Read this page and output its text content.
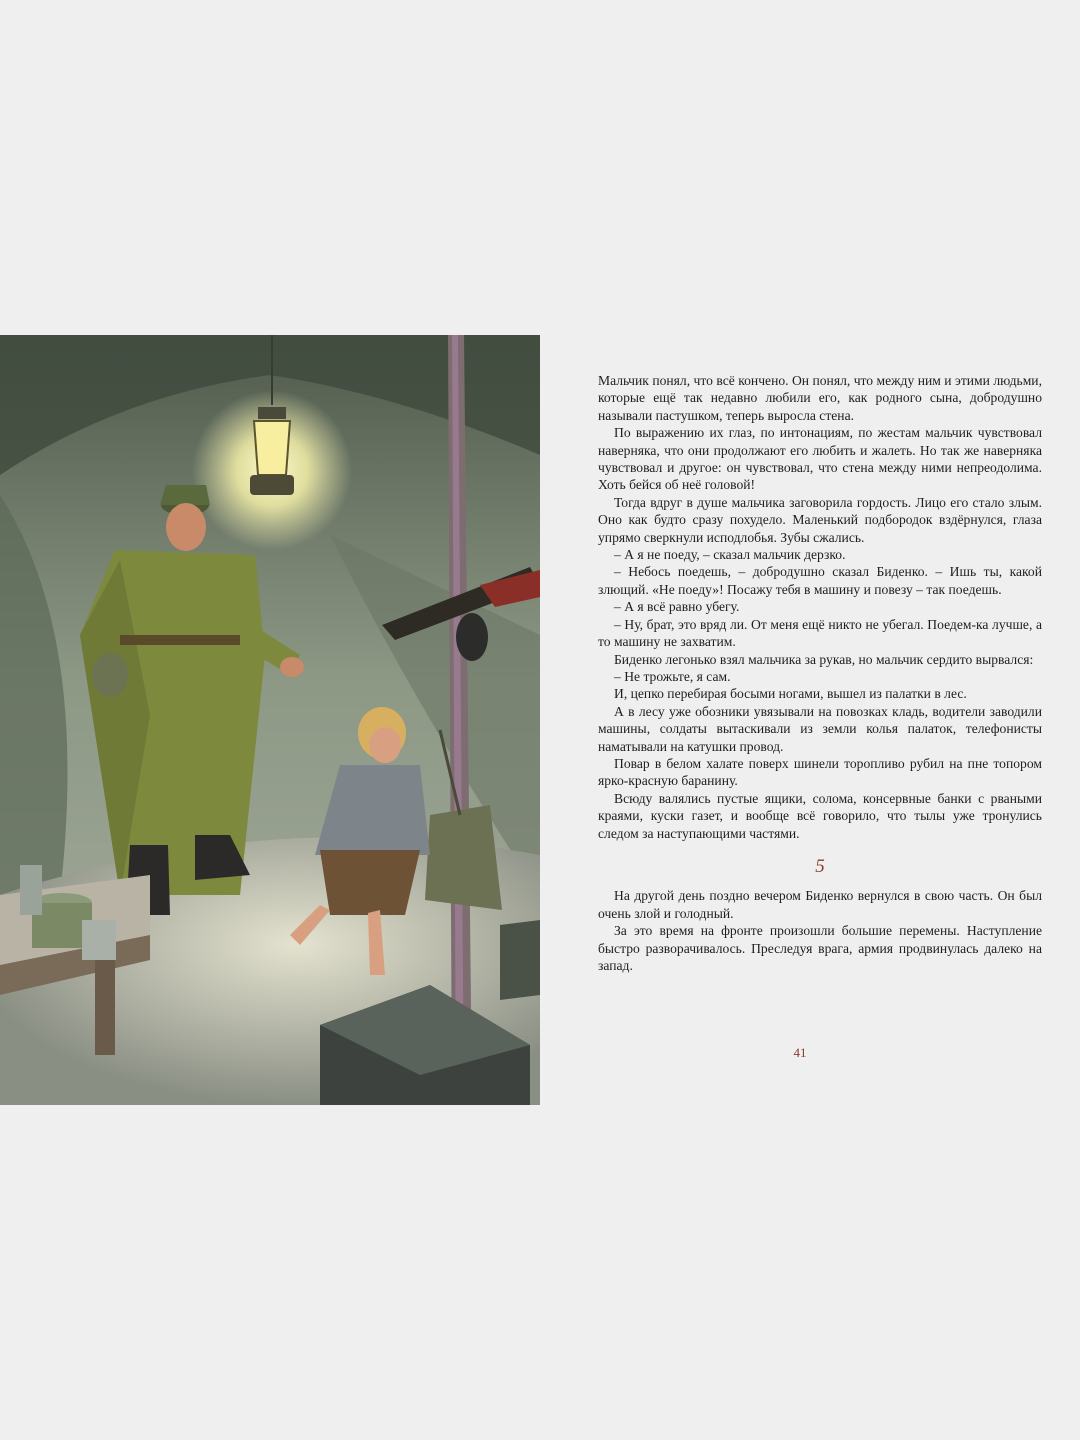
Мальчик понял, что всё кончено. Он понял, что между ним и этими людьми, которые ещё так недавно любили его, как родного сына, добродушно называли пастушком, теперь выросла стена.

По выражению их глаз, по интонациям, по жестам мальчик чувствовал наверняка, что они продолжают его любить и жалеть. Но так же наверняка чувствовал и другое: он чувствовал, что стена между ними непреодолима. Хоть бейся об неё головой!

Тогда вдруг в душе мальчика заговорила гордость. Лицо его стало злым. Оно как будто сразу похудело. Маленький подбородок вздёрнулся, глаза упрямо сверкнули исподлобья. Зубы сжались.

– А я не поеду, – сказал мальчик дерзко.

– Небось поедешь, – добродушно сказал Биденко. – Ишь ты, какой злющий. «Не поеду»! Посажу тебя в машину и повезу – так поедешь.

– А я всё равно убегу.

– Ну, брат, это вряд ли. От меня ещё никто не убегал. Поедем-ка лучше, а то машину не захватим.

Биденко легонько взял мальчика за рукав, но мальчик сердито вырвался:

– Не трожьте, я сам.

И, цепко перебирая босыми ногами, вышел из палатки в лес.

А в лесу уже обозники увязывали на повозках кладь, водители заводили машины, солдаты вытаскивали из земли колья палаток, телефонисты наматывали на катушки провод.

Повар в белом халате поверх шинели торопливо рубил на пне топором ярко-красную баранину.

Всюду валялись пустые ящики, солома, консервные банки с рваными краями, куски газет, и вообще всё говорило, что тылы уже тронулись следом за наступающими частями.

5

На другой день поздно вечером Биденко вернулся в свою часть. Он был очень злой и голодный.

За это время на фронте произошли большие перемены. Наступление быстро разворачивалось. Преследуя врага, армия продвинулась далеко на запад.

41
